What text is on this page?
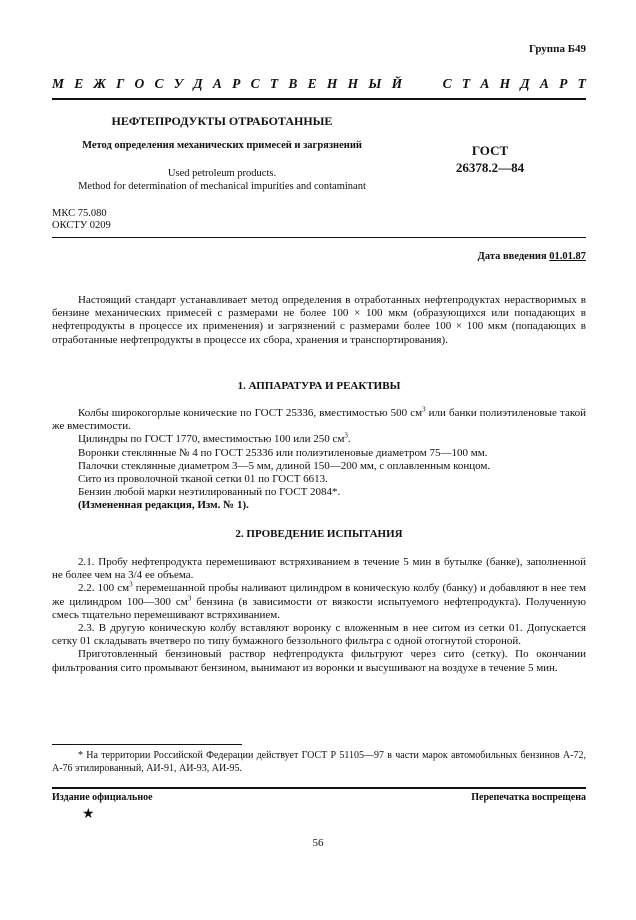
Группа Б49
М Е Ж Г О С У Д А Р С Т В Е Н Н Ы Й	С Т А Н Д А Р Т
НЕФТЕПРОДУКТЫ ОТРАБОТАННЫЕ
Метод определения механических примесей и загрязнений
Used petroleum products.
Method for determination of mechanical impurities and contaminant
ГОСТ
26378.2—84
МКС 75.080
ОКСТУ 0209
Дата введения 01.01.87

Настоящий стандарт устанавливает метод определения в отработанных нефтепродуктах нерастворимых в бензине механических примесей с размерами не более 100 × 100 мкм (образующихся или попадающих в нефтепродукты в процессе их применения) и загрязнений с размерами более 100 × 100 мкм (попадающих в отработанные нефтепродукты в процессе их сбора, хранения и транспортирования).

1. АППАРАТУРА И РЕАКТИВЫ

Колбы широкогорлые конические по ГОСТ 25336, вместимостью 500 $см^3$ или банки полиэтиленовые такой же вместимости.

Цилиндры по ГОСТ 1770, вместимостью 100 или 250 $см^3$.

Воронки стеклянные № 4 по ГОСТ 25336 или полиэтиленовые диаметром 75—100 мм.

Палочки стеклянные диаметром 3—5 мм, длиной 150—200 мм, с оплавленным концом.

Сито из проволочной тканой сетки 01 по ГОСТ 6613.

Бензин любой марки неэтилированный по ГОСТ 2084*.

(Измененная редакция, Изм. № 1).

2. ПРОВЕДЕНИЕ ИСПЫТАНИЯ

2.1. Пробу нефтепродукта перемешивают встряхиванием в течение 5 мин в бутылке (банке), заполненной не более чем на 3/4 ее объема.

2.2. 100 $см^3$ перемешанной пробы наливают цилиндром в коническую колбу (банку) и добавляют в нее тем же цилиндром 100—300 $см^3$ бензина (в зависимости от вязкости испытуемого нефтепродукта). Полученную смесь тщательно перемешивают встряхиванием.

2.3. В другую коническую колбу вставляют воронку с вложенным в нее ситом из сетки 01. Допускается сетку 01 складывать вчетверо по типу бумажного беззольного фильтра с одной отогнутой стороной.

Приготовленный бензиновый раствор нефтепродукта фильтруют через сито (сетку). По окончании фильтрования сито промывают бензином, вынимают из воронки и высушивают на воздухе в течение 5 мин.

* На территории Российской Федерации действует ГОСТ Р 51105—97 в части марок автомобильных бензинов А-72, А-76 этилированный, АИ-91, АИ-93, АИ-95.

Издание официальное	Перепечатка воспрещена
★
56
